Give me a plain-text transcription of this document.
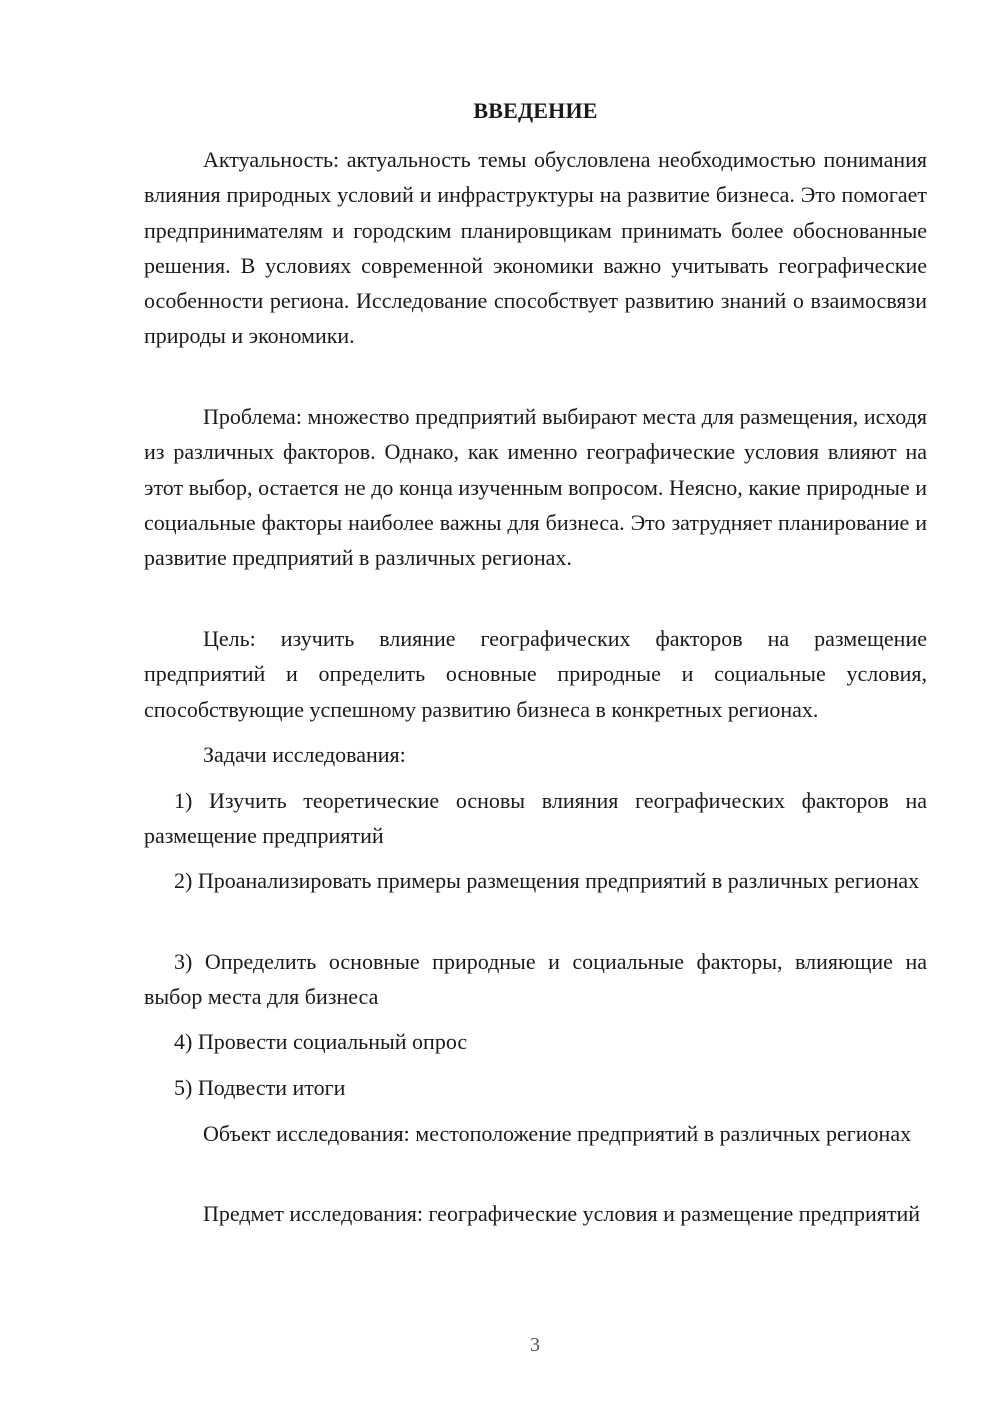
ВВЕДЕНИЕ

Актуальность: актуальность темы обусловлена необходимостью понимания влияния природных условий и инфраструктуры на развитие бизнеса. Это помогает предпринимателям и городским планировщикам принимать более обоснованные решения. В условиях современной экономики важно учитывать географические особенности региона. Исследование способствует развитию знаний о взаимосвязи природы и экономики.

Проблема: множество предприятий выбирают места для размещения, исходя из различных факторов. Однако, как именно географические условия влияют на этот выбор, остается не до конца изученным вопросом. Неясно, какие природные и социальные факторы наиболее важны для бизнеса. Это затрудняет планирование и развитие предприятий в различных регионах.

Цель: изучить влияние географических факторов на размещение предприятий и определить основные природные и социальные условия, способствующие успешному развитию бизнеса в конкретных регионах.

Задачи исследования:

1) Изучить теоретические основы влияния географических факторов на размещение предприятий

2) Проанализировать примеры размещения предприятий в различных регионах

3) Определить основные природные и социальные факторы, влияющие на выбор места для бизнеса

4) Провести социальный опрос

5) Подвести итоги

Объект исследования: местоположение предприятий в различных регионах

Предмет исследования: географические условия и размещение предприятий

3
